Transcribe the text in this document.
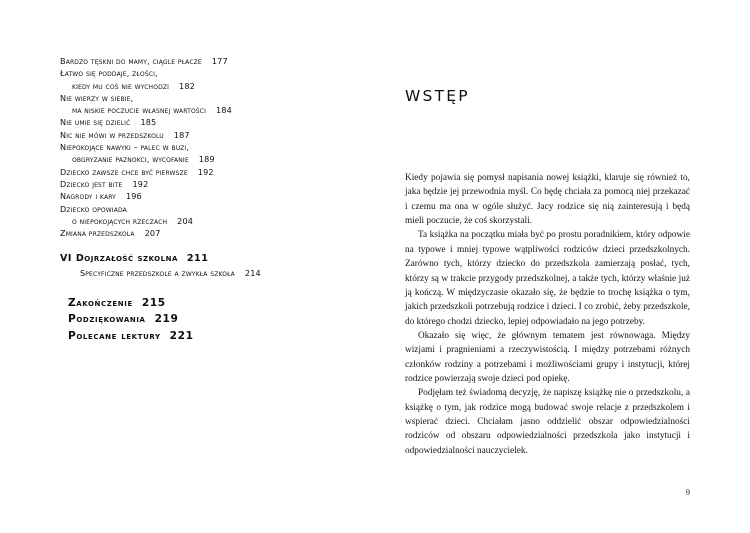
Bardzo tęskni do mamy, ciągle płacze 177
Łatwo się poddaje, złości,
kiedy mu coś nie wychodzi 182
Nie wierzy w siebie,
ma niskie poczucie własnej wartości 184
Nie umie się dzielić 185
Nic nie mówi w przedszkolu 187
Niepokojące nawyki – palec w buzi,
obgryzanie paznokci, wycofanie 189
Dziecko zawsze chce być pierwsze 192
Dziecko jest bite 192
Nagrody i kary 196
Dziecko opowiada
o niepokojących rzeczach 204
Zmiana przedszkola 207
VI Dojrzałość szkolna 211
Specyficzne przedszkole a zwykła szkoła 214
Zakończenie 215
Podziękowania 219
Polecane lektury 221
WSTĘP

Kiedy pojawia się pomysł napisania nowej książki, klaruje się również to, jaka będzie jej przewodnia myśl. Co będę chciała za pomocą niej przekazać i czemu ma ona w ogóle służyć. Jacy rodzice się nią zainteresują i będą mieli poczucie, że coś skorzystali.

Ta książka na początku miała być po prostu poradnikiem, który odpowie na typowe i mniej typowe wątpliwości rodziców dzieci przedszkolnych. Zarówno tych, którzy dziecko do przedszkola zamierzają posłać, tych, którzy są w trakcie przygody przedszkolnej, a także tych, którzy właśnie już ją kończą. W międzyczasie okazało się, że będzie to trochę książka o tym, jakich przedszkoli potrzebują rodzice i dzieci. I co zrobić, żeby przedszkole, do którego chodzi dziecko, lepiej odpowiadało na jego potrzeby.

Okazało się więc, że głównym tematem jest równowaga. Między wizjami i pragnieniami a rzeczywistością. I między potrzebami różnych członków rodziny a potrzebami i możliwościami grupy i instytucji, której rodzice powierzają swoje dzieci pod opiekę.

Podjęłam też świadomą decyzję, że napiszę książkę nie o przedszkolu, a książkę o tym, jak rodzice mogą budować swoje relacje z przedszkolem i wspierać dzieci. Chciałam jasno oddzielić obszar odpowiedzialności rodziców od obszaru odpowiedzialności przedszkola jako instytucji i odpowiedzialności nauczycielek.

9
